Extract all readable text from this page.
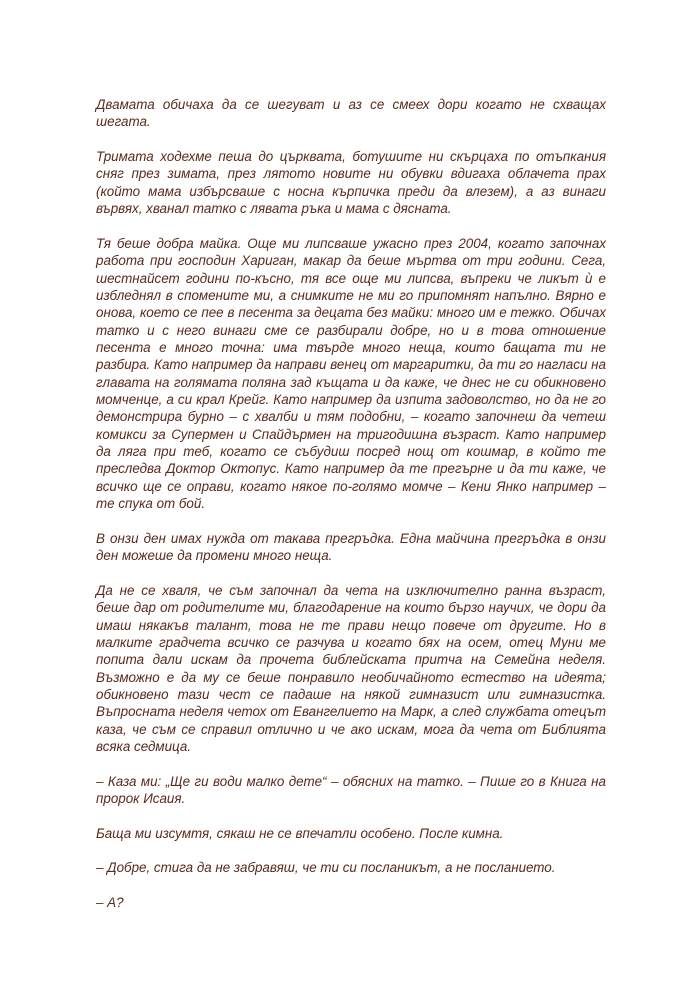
Двамата обичаха да се шегуват и аз се смеех дори когато не схващах шегата.

Тримата ходехме пеша до църквата, ботушите ни скърцаха по отъпкания сняг през зимата, през лятото новите ни обувки вдигаха облачета прах (който мама избърсваше с носна кърпичка преди да влезем), а аз винаги вървях, хванал татко с лявата ръка и мама с дясната.

Тя беше добра майка. Още ми липсваше ужасно през 2004, когато започнах работа при господин Хариган, макар да беше мъртва от три години. Сега, шестнайсет години по-късно, тя все още ми липсва, въпреки че ликът ѝ е избледнял в спомените ми, а снимките не ми го припомнят напълно. Вярно е онова, което се пее в песента за децата без майки: много им е тежко. Обичах татко и с него винаги сме се разбирали добре, но и в това отношение песента е много точна: има твърде много неща, които бащата ти не разбира. Като например да направи венец от маргаритки, да ти го нагласи на главата на голямата поляна зад къщата и да каже, че днес не си обикновено момченце, а си крал Крейг. Като например да изпита задоволство, но да не го демонстрира бурно – с хвалби и тям подобни, – когато започнеш да четеш комикси за Супермен и Спайдърмен на тригодишна възраст. Като например да ляга при теб, когато се събудиш посред нощ от кошмар, в който те преследва Доктор Октопус. Като например да те прегърне и да ти каже, че всичко ще се оправи, когато някое по-голямо момче – Кени Янко например – те спука от бой.

В онзи ден имах нужда от такава прегръдка. Една майчина прегръдка в онзи ден можеше да промени много неща.

Да не се хваля, че съм започнал да чета на изключително ранна възраст, беше дар от родителите ми, благодарение на които бързо научих, че дори да имаш някакъв талант, това не те прави нещо повече от другите. Но в малките градчета всичко се разчува и когато бях на осем, отец Муни ме попита дали искам да прочета библейската притча на Семейна неделя. Възможно е да му се беше понравило необичайното естество на идеята; обикновено тази чест се падаше на някой гимназист или гимназистка. Въпросната неделя четох от Евангелието на Марк, а след службата отецът каза, че съм се справил отлично и че ако искам, мога да чета от Библията всяка седмица.

– Каза ми: „Ще ги води малко дете“ – обясних на татко. – Пише го в Книга на пророк Исаия.

Баща ми изсумтя, сякаш не се впечатли особено. После кимна.

– Добре, стига да не забравяш, че ти си посланикът, а не посланието.

– А?
